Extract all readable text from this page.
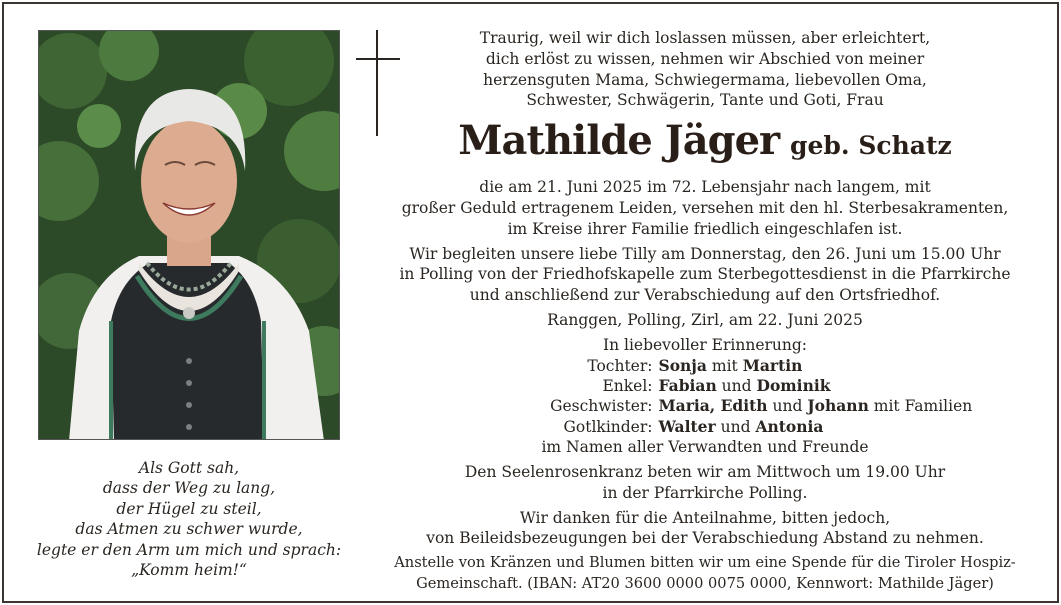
Als Gott sah,
dass der Weg zu lang,
der Hügel zu steil,
das Atmen zu schwer wurde,
legte er den Arm um mich und sprach:
„Komm heim!“
Traurig, weil wir dich loslassen müssen, aber erleichtert,
dich erlöst zu wissen, nehmen wir Abschied von meiner
herzensguten Mama, Schwiegermama, liebevollen Oma,
Schwester, Schwägerin, Tante und Goti, Frau
Mathilde Jäger geb. Schatz
die am 21. Juni 2025 im 72. Lebensjahr nach langem, mit
großer Geduld ertragenem Leiden, versehen mit den hl. Sterbesakramenten,
im Kreise ihrer Familie friedlich eingeschlafen ist.
Wir begleiten unsere liebe Tilly am Donnerstag, den 26. Juni um 15.00 Uhr
in Polling von der Friedhofskapelle zum Sterbegottesdienst in die Pfarrkirche
und anschließend zur Verabschiedung auf den Ortsfriedhof.
Ranggen, Polling, Zirl, am 22. Juni 2025
In liebevoller Erinnerung:
Tochter: Sonja mit Martin
Enkel: Fabian und Dominik
Geschwister: Maria, Edith und Johann mit Familien
Gotlkinder: Walter und Antonia
im Namen aller Verwandten und Freunde
Den Seelenrosenkranz beten wir am Mittwoch um 19.00 Uhr
in der Pfarrkirche Polling.
Wir danken für die Anteilnahme, bitten jedoch,
von Beileidsbezeugungen bei der Verabschiedung Abstand zu nehmen.
Anstelle von Kränzen und Blumen bitten wir um eine Spende für die Tiroler Hospiz-
Gemeinschaft. (IBAN: AT20 3600 0000 0075 0000, Kennwort: Mathilde Jäger)
